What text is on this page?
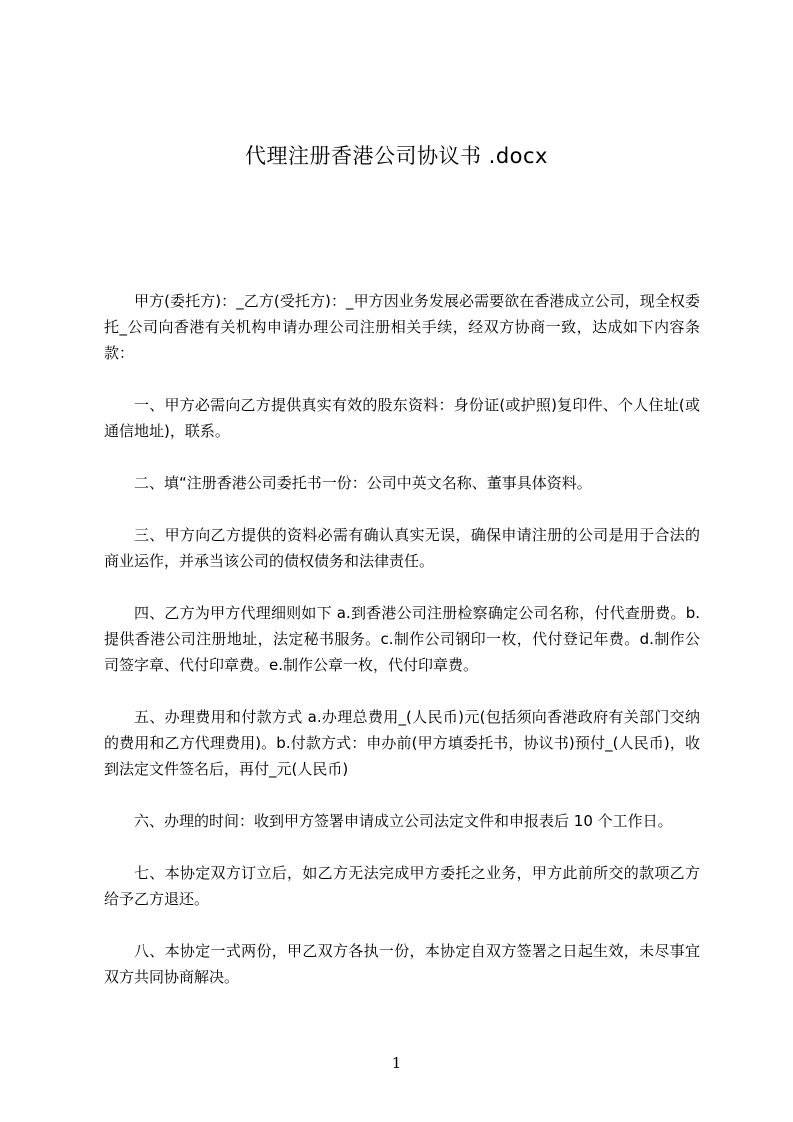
代理注册香港公司协议书 .docx

甲方(委托方)：_乙方(受托方)：_甲方因业务发展必需要欲在香港成立公司，现全权委托_公司向香港有关机构申请办理公司注册相关手续，经双方协商一致，达成如下内容条款：

一、甲方必需向乙方提供真实有效的股东资料：身份证(或护照)复印件、个人住址(或通信地址)，联系。

二、填“注册香港公司委托书一份：公司中英文名称、董事具体资料。

三、甲方向乙方提供的资料必需有确认真实无误，确保申请注册的公司是用于合法的商业运作，并承当该公司的债权债务和法律责任。

四、乙方为甲方代理细则如下 a.到香港公司注册检察确定公司名称，付代查册费。b.提供香港公司注册地址，法定秘书服务。c.制作公司钢印一枚，代付登记年费。d.制作公司签字章、代付印章费。e.制作公章一枚，代付印章费。

五、办理费用和付款方式 a.办理总费用_(人民币)元(包括须向香港政府有关部门交纳的费用和乙方代理费用)。b.付款方式：申办前(甲方填委托书，协议书)预付_(人民币)，收到法定文件签名后，再付_元(人民币)

六、办理的时间：收到甲方签署申请成立公司法定文件和申报表后 10 个工作日。

七、本协定双方订立后，如乙方无法完成甲方委托之业务，甲方此前所交的款项乙方给予乙方退还。

八、本协定一式两份，甲乙双方各执一份，本协定自双方签署之日起生效，未尽事宜双方共同协商解决。

1
